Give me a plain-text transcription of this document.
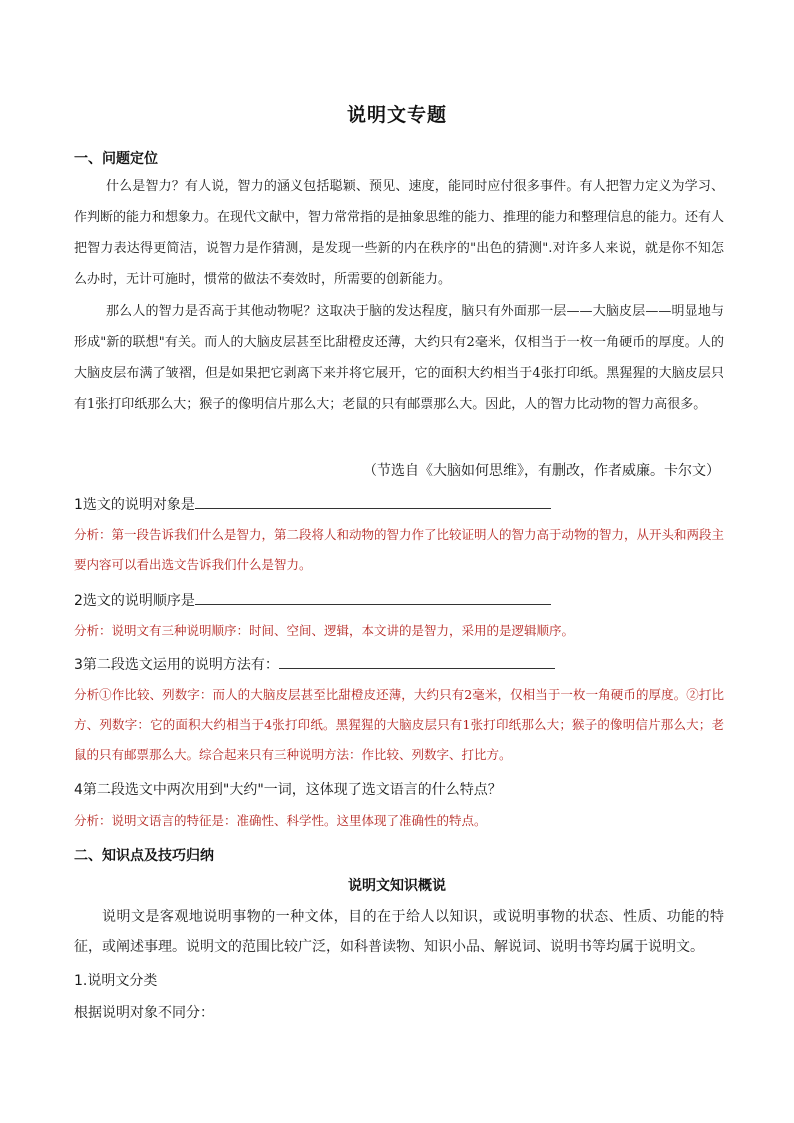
说明文专题
一、问题定位
什么是智力？有人说，智力的涵义包括聪颖、预见、速度，能同时应付很多事件。有人把智力定义为学习、作判断的能力和想象力。在现代文献中，智力常常指的是抽象思维的能力、推理的能力和整理信息的能力。还有人把智力表达得更简洁，说智力是作猜测，是发现一些新的内在秩序的"出色的猜测".对许多人来说，就是你不知怎么办时，无计可施时，惯常的做法不奏效时，所需要的创新能力。
那么人的智力是否高于其他动物呢？这取决于脑的发达程度，脑只有外面那一层——大脑皮层——明显地与形成"新的联想"有关。而人的大脑皮层甚至比甜橙皮还薄，大约只有2毫米，仅相当于一枚一角硬币的厚度。人的大脑皮层布满了皱褶，但是如果把它剥离下来并将它展开，它的面积大约相当于4张打印纸。黑猩猩的大脑皮层只有1张打印纸那么大；猴子的像明信片那么大；老鼠的只有邮票那么大。因此，人的智力比动物的智力高很多。
（节选自《大脑如何思维》，有删改，作者威廉。卡尔文）
1选文的说明对象是
分析：第一段告诉我们什么是智力，第二段将人和动物的智力作了比较证明人的智力高于动物的智力，从开头和两段主要内容可以看出选文告诉我们什么是智力。
2选文的说明顺序是
分析：说明文有三种说明顺序：时间、空间、逻辑，本文讲的是智力，采用的是逻辑顺序。
3第二段选文运用的说明方法有：
分析①作比较、列数字：而人的大脑皮层甚至比甜橙皮还薄，大约只有2毫米，仅相当于一枚一角硬币的厚度。②打比方、列数字：它的面积大约相当于4张打印纸。黑猩猩的大脑皮层只有1张打印纸那么大；猴子的像明信片那么大；老鼠的只有邮票那么大。综合起来只有三种说明方法：作比较、列数字、打比方。
4第二段选文中两次用到"大约"一词，这体现了选文语言的什么特点？
分析：说明文语言的特征是：准确性、科学性。这里体现了准确性的特点。
二、知识点及技巧归纳
说明文知识概说
说明文是客观地说明事物的一种文体，目的在于给人以知识，或说明事物的状态、性质、功能的特征，或阐述事理。说明文的范围比较广泛，如科普读物、知识小品、解说词、说明书等均属于说明文。
1.说明文分类
根据说明对象不同分：
